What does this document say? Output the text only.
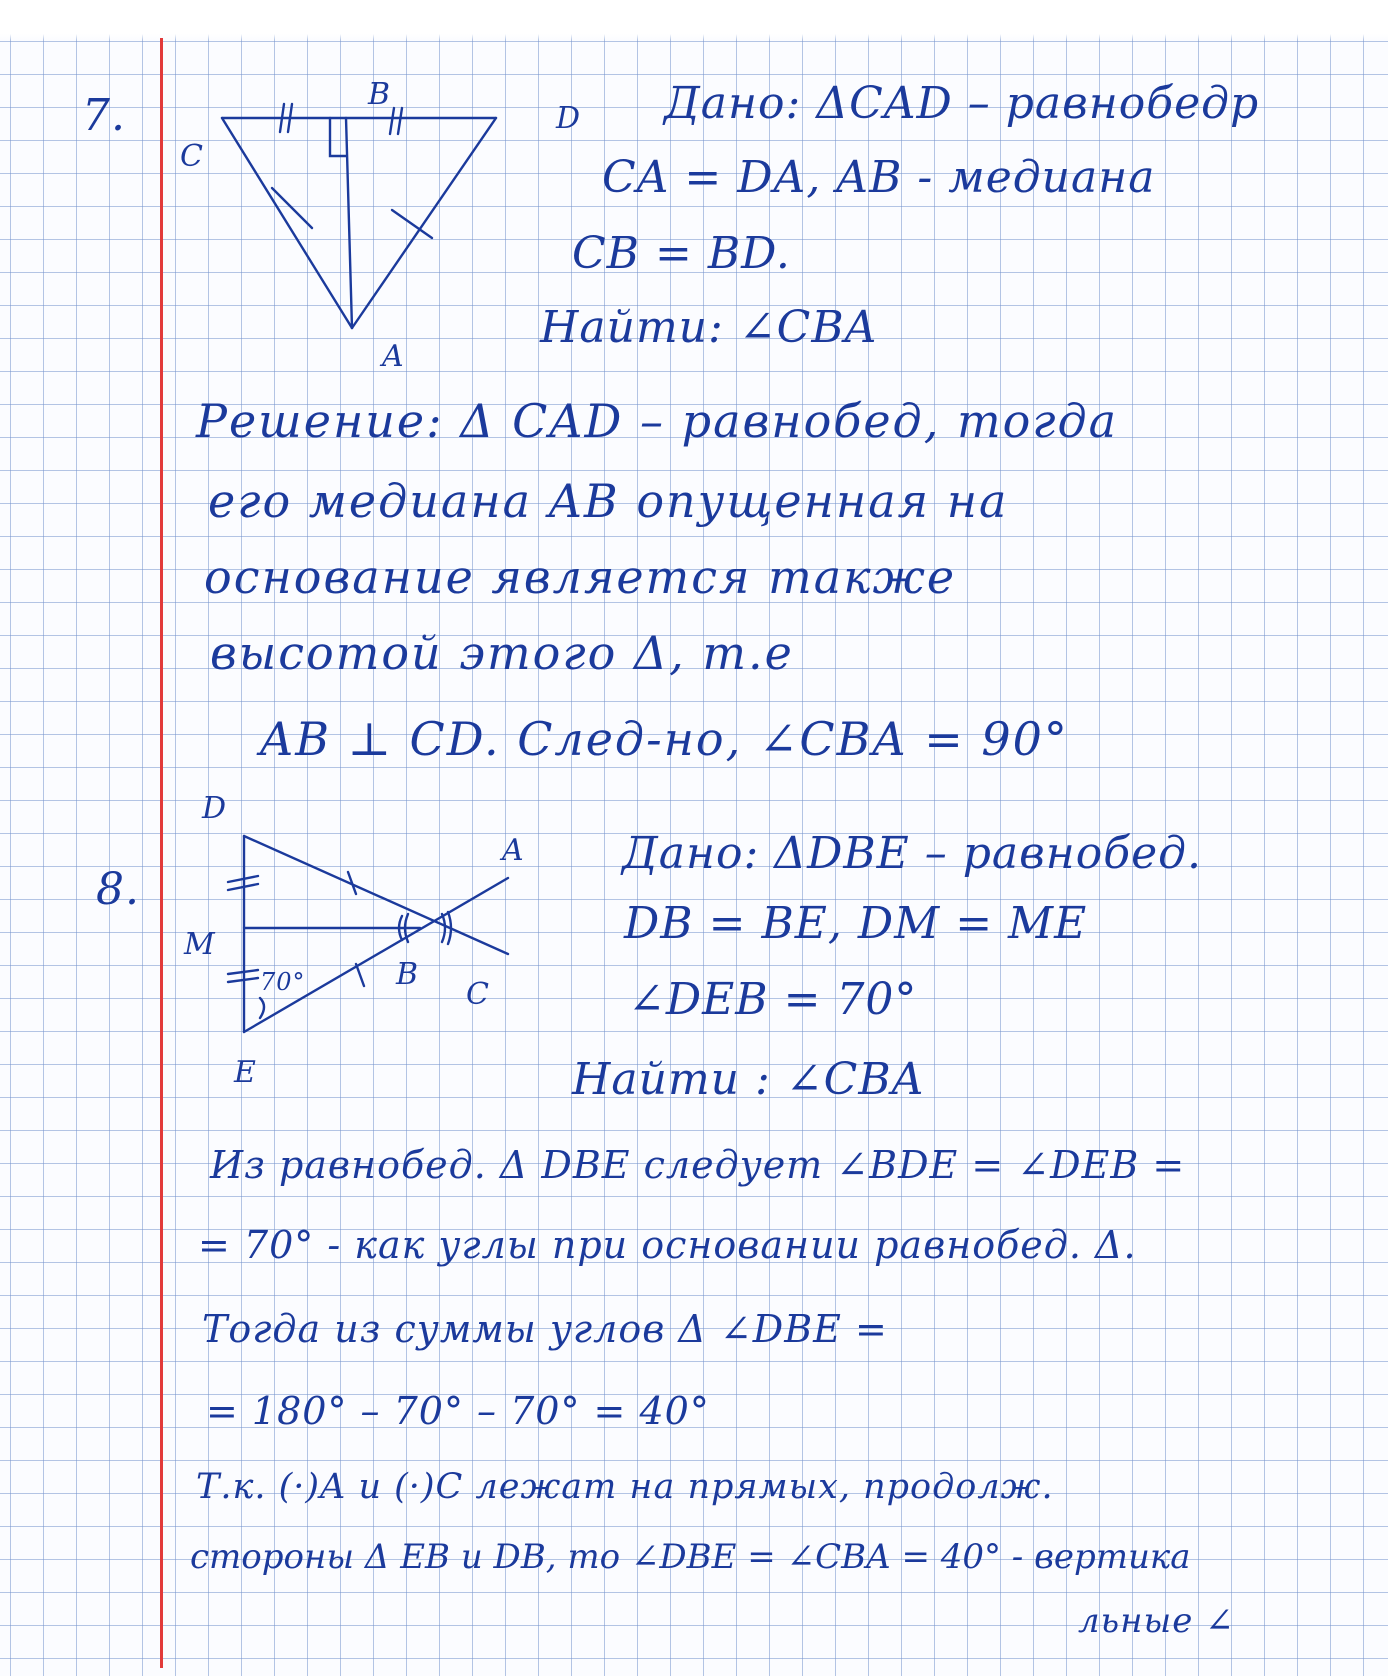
7.	B
C
D
A
Дано: ΔCAD – равнобедр
CA = DA, AB - медиана
CB = BD.
Найти: ∠CBA
Решение: Δ CAD – равнобед, тогда
его медиана AB опущенная на
основание является также
высотой этого Δ, т.е
AB ⊥ CD. След-но, ∠CBA = 90°
8.
D
A
M
B
C
E
70°
Дано: ΔDBE – равнобед.
DB = BE, DM = ME
∠DEB = 70°
Найти : ∠CBA
Из равнобед. Δ DBE следует ∠BDE = ∠DEB =
= 70° - как углы при основании равнобед. Δ.
Тогда из суммы углов Δ ∠DBE =
= 180° – 70° – 70° = 40°
Т.к. (·)A и (·)C лежат на прямых, продолж.
стороны Δ EB и DB, то ∠DBE = ∠CBA = 40° - вертика
льные ∠
